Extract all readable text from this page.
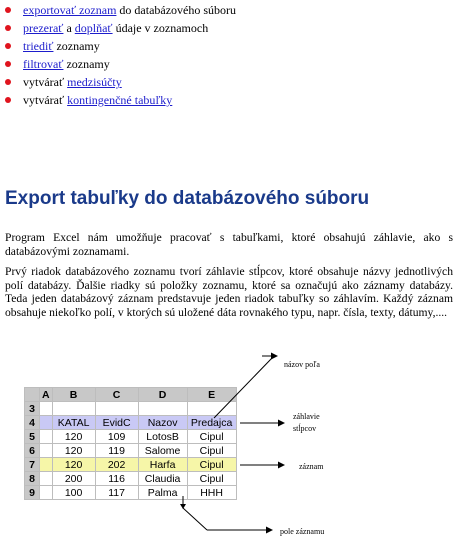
exportovať zoznam do databázového súboru
prezerať a doplňať údaje v zoznamoch
triediť zoznamy
filtrovať zoznamy
vytvárať medzisúčty
vytvárať kontingenčné tabuľky
Export tabuľky do databázového súboru

Program Excel nám umožňuje pracovať s tabuľkami, ktoré obsahujú záhlavie, ako s databázovými zoznamami.

Prvý riadok databázového zoznamu tvorí záhlavie stĺpcov, ktoré obsahuje názvy jednotlivých polí databázy. Ďalšie riadky sú položky zoznamu, ktoré sa označujú ako záznamy databázy. Teda jeden databázový záznam predstavuje jeden riadok tabuľky so záhlavím. Každý záznam obsahuje niekoľko polí, v ktorých sú uložené dáta rovnakého typu, napr. čísla, texty, dátumy,....

	A	B	C	D	E
3					
4		KATAL	EvidC	Nazov	Predajca
5		120	109	LotosB	Cipul
6		120	119	Salome	Cipul
7		120	202	Harfa	Cipul
8		200	116	Claudia	Cipul
9		100	117	Palma	HHH
názov poľa
záhlavie
stĺpcov
záznam
pole záznamu
